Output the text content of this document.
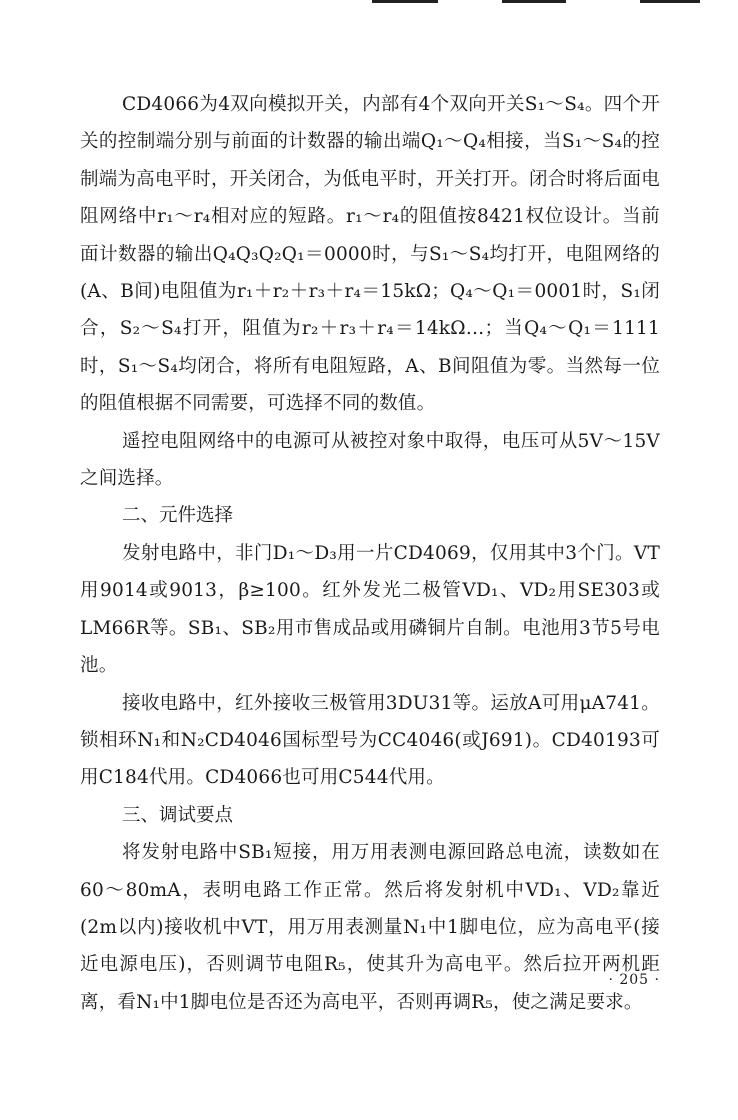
CD4066为4双向模拟开关，内部有4个双向开关S₁～S₄。四个开关的控制端分别与前面的计数器的输出端Q₁～Q₄相接，当S₁～S₄的控制端为高电平时，开关闭合，为低电平时，开关打开。闭合时将后面电阻网络中r₁～r₄相对应的短路。r₁～r₄的阻值按8421权位设计。当前面计数器的输出Q₄Q₃Q₂Q₁＝0000时，与S₁～S₄均打开，电阻网络的(A、B间)电阻值为r₁＋r₂＋r₃＋r₄＝15kΩ；Q₄～Q₁＝0001时，S₁闭合，S₂～S₄打开，阻值为r₂＋r₃＋r₄＝14kΩ…；当Q₄～Q₁＝1111时，S₁～S₄均闭合，将所有电阻短路，A、B间阻值为零。当然每一位的阻值根据不同需要，可选择不同的数值。

遥控电阻网络中的电源可从被控对象中取得，电压可从5V～15V之间选择。

二、元件选择

发射电路中，非门D₁～D₃用一片CD4069，仅用其中3个门。VT用9014或9013，β≥100。红外发光二极管VD₁、VD₂用SE303或LM66R等。SB₁、SB₂用市售成品或用磷铜片自制。电池用3节5号电池。

接收电路中，红外接收三极管用3DU31等。运放A可用μA741。锁相环N₁和N₂CD4046国标型号为CC4046(或J691)。CD40193可用C184代用。CD4066也可用C544代用。

三、调试要点

将发射电路中SB₁短接，用万用表测电源回路总电流，读数如在60～80mA，表明电路工作正常。然后将发射机中VD₁、VD₂靠近(2m以内)接收机中VT，用万用表测量N₁中1脚电位，应为高电平(接近电源电压)，否则调节电阻R₅，使其升为高电平。然后拉开两机距离，看N₁中1脚电位是否还为高电平，否则再调R₅，使之满足要求。

· 205 ·
